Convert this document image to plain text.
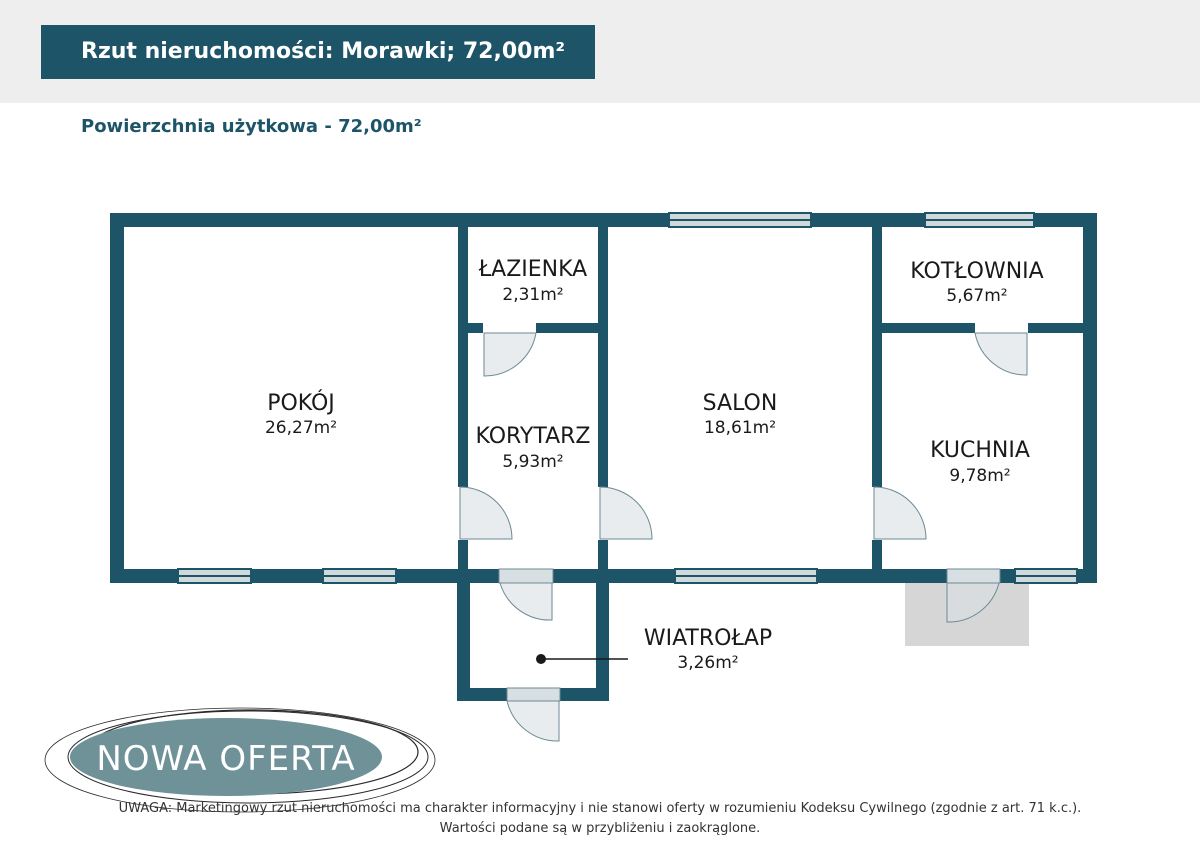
Rzut nieruchomości: Morawki; 72,00m²
Powierzchnia użytkowa - 72,00m²
POKÓJ
26,27m²
ŁAZIENKA
2,31m²
KORYTARZ
5,93m²
SALON
18,61m²
KOTŁOWNIA
5,67m²
KUCHNIA
9,78m²
WIATROŁAP
3,26m²
NOWA OFERTA
UWAGA: Marketingowy rzut nieruchomości ma charakter informacyjny i nie stanowi oferty w rozumieniu Kodeksu Cywilnego (zgodnie z art. 71 k.c.).
Wartości podane są w przybliżeniu i zaokrąglone.
